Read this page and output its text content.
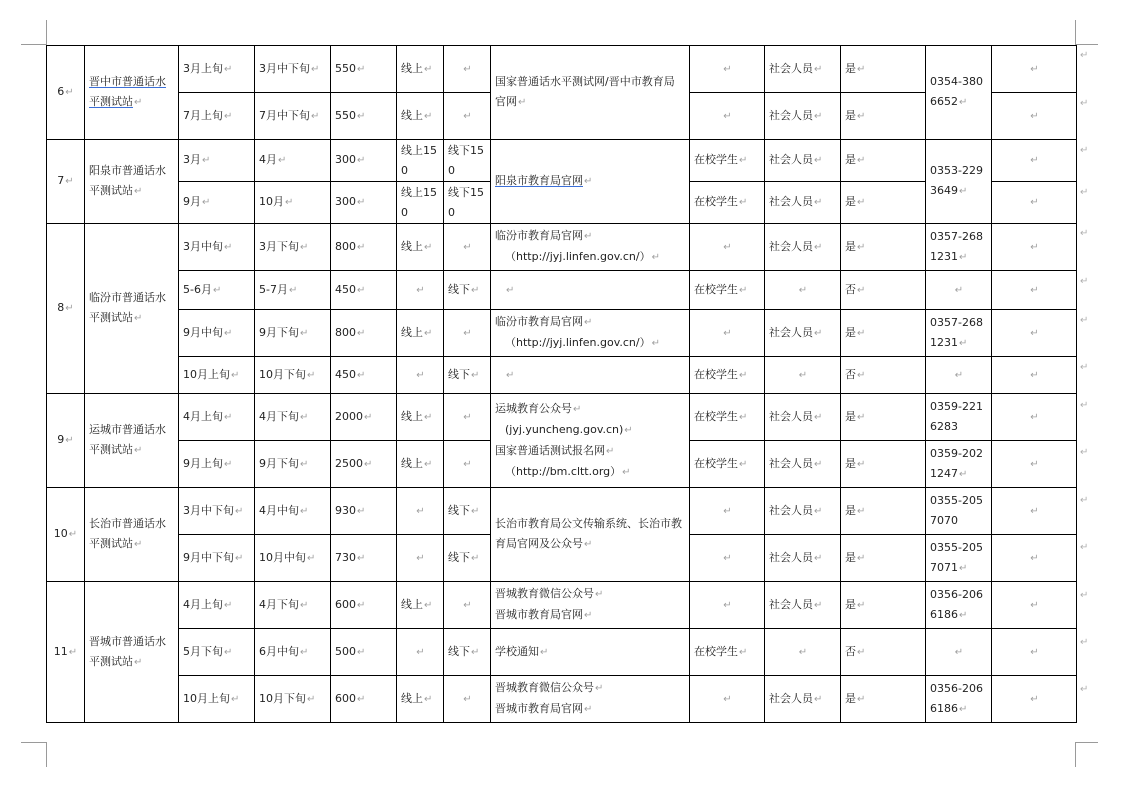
↵
↵
↵
↵
↵
↵
↵
↵
↵
↵
↵
↵
↵
↵
↵
6↵	晋中市普通话水平测试站↵	3月上旬↵	3月中下旬↵	550↵	线上↵	↵	国家普通话水平测试网/晋中市教育局官网↵	↵	社会人员↵	是↵	0354-3806652↵	↵
		7月上旬↵	7月中下旬↵	550↵	线上↵	↵		↵	社会人员↵	是↵		↵
7↵	阳泉市普通话水平测试站↵	3月↵	4月↵	300↵	线上150	线下150	阳泉市教育局官网↵	在校学生↵	社会人员↵	是↵	0353-2293649↵	↵
		9月↵	10月↵	300↵	线上150	线下150		在校学生↵	社会人员↵	是↵		↵
8↵	临汾市普通话水平测试站↵	3月中旬↵	3月下旬↵	800↵	线上↵	↵	临汾市教育局官网↵
（http://jyj.linfen.gov.cn/）↵	↵	社会人员↵	是↵	0357-2681231↵	↵
		5-6月↵	5-7月↵	450↵	↵	线下↵	↵	在校学生↵	↵	否↵	↵	↵
		9月中旬↵	9月下旬↵	800↵	线上↵	↵	临汾市教育局官网↵
（http://jyj.linfen.gov.cn/）↵	↵	社会人员↵	是↵	0357-2681231↵	↵
		10月上旬↵	10月下旬↵	450↵	↵	线下↵	↵	在校学生↵	↵	否↵	↵	↵
9↵	运城市普通话水平测试站↵	4月上旬↵	4月下旬↵	2000↵	线上↵	↵	运城教育公众号↵
(jyj.yuncheng.gov.cn)↵
国家普通话测试报名网↵
（http://bm.cltt.org）↵	在校学生↵	社会人员↵	是↵	0359-2216283	↵
		9月上旬↵	9月下旬↵	2500↵	线上↵	↵		在校学生↵	社会人员↵	是↵	0359-2021247↵	↵
10↵	长治市普通话水平测试站↵	3月中下旬↵	4月中旬↵	930↵	↵	线下↵	长治市教育局公文传输系统、长治市教育局官网及公众号↵	↵	社会人员↵	是↵	0355-2057070	↵
		9月中下旬↵	10月中旬↵	730↵	↵	线下↵		↵	社会人员↵	是↵	0355-2057071↵	↵
11↵	晋城市普通话水平测试站↵	4月上旬↵	4月下旬↵	600↵	线上↵	↵	晋城教育微信公众号↵
晋城市教育局官网↵	↵	社会人员↵	是↵	0356-2066186↵	↵
		5月下旬↵	6月中旬↵	500↵	↵	线下↵	学校通知↵	在校学生↵	↵	否↵	↵	↵
		10月上旬↵	10月下旬↵	600↵	线上↵	↵	晋城教育微信公众号↵
晋城市教育局官网↵	↵	社会人员↵	是↵	0356-2066186↵	↵
